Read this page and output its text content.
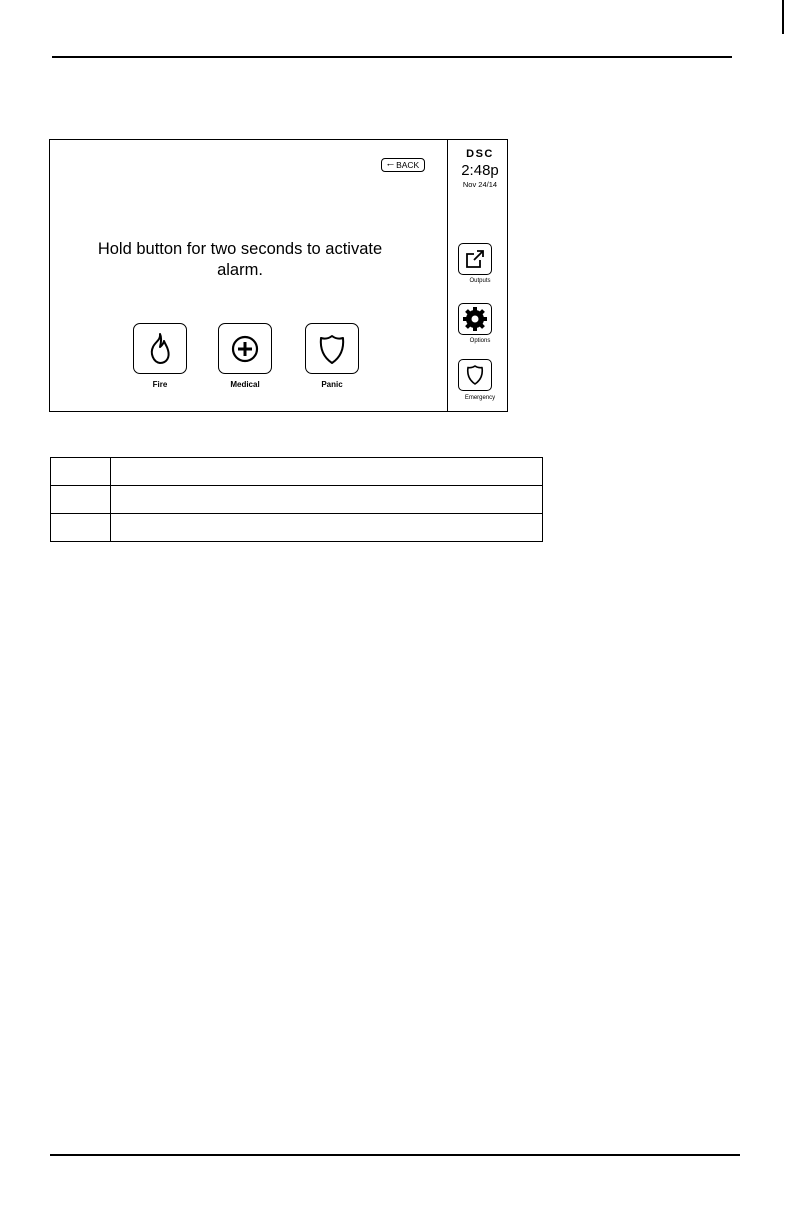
🠀 BACK
Hold button for two seconds to activate alarm.
Fire	Medical	Panic
DSC
2:48p
Nov 24/14
Outputs
Options
Emergency
